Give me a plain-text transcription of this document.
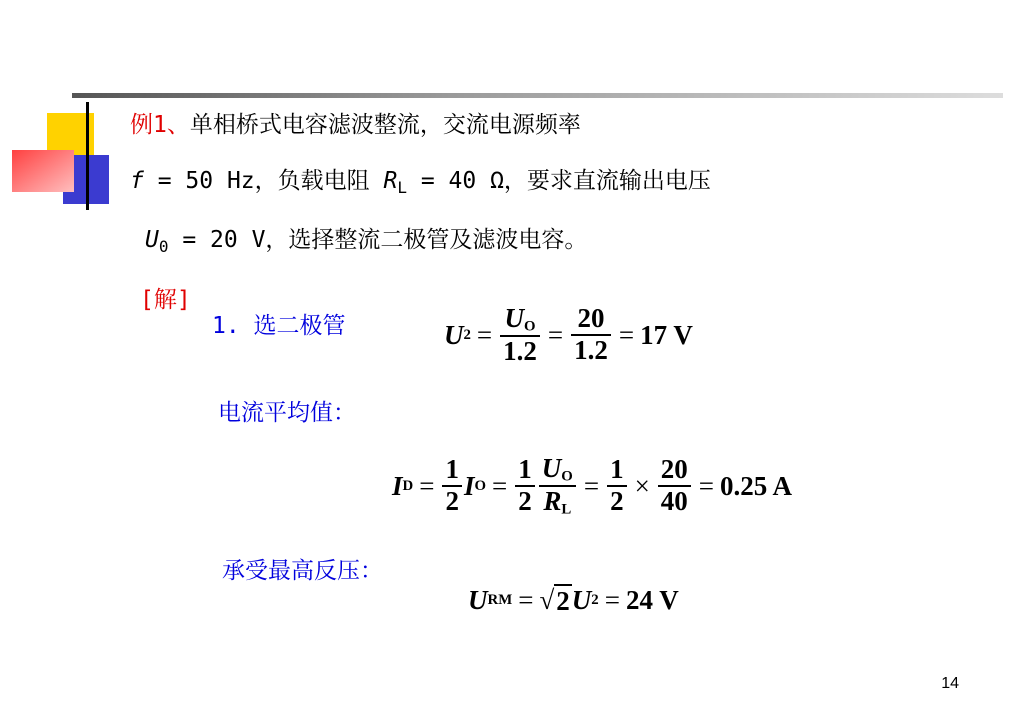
例1、单相桥式电容滤波整流，交流电源频率
f = 50 Hz，负载电阻 $R_L = 40$ Ω，要求直流输出电压
$U_0 = 20$ V，选择整流二极管及滤波电容。
[解]
1. 选二极管
电流平均值：
承受最高反压：
U $2 = \frac{UO}{1.2} = \frac{20}{1.2} = 17$ V
I $D = \frac{1}{2}$ I $O = \frac{1}{2} \frac{UO}{RL} = \frac{1}{2} \times \frac{20}{40} = 0.25$ A
U RM = √ 2 U 2 = 24 V
14
